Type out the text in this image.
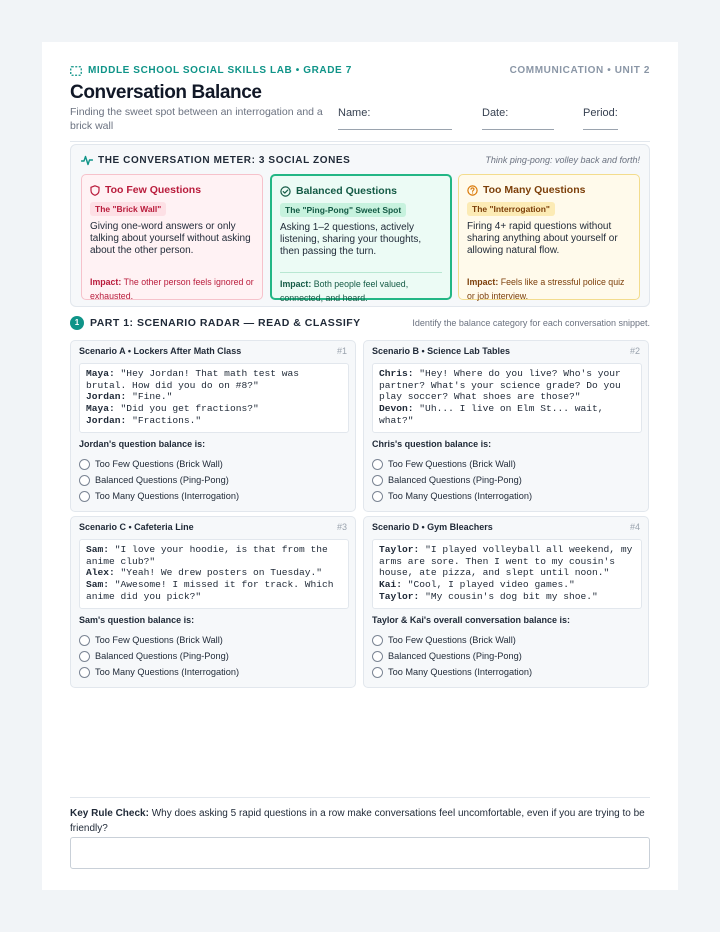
MIDDLE SCHOOL SOCIAL SKILLS LAB • GRADE 7	COMMUNICATION • UNIT 2
Conversation Balance
Finding the sweet spot between an interrogation and a brick wall
Name:	Date:	Period:
THE CONVERSATION METER: 3 SOCIAL ZONES	Think ping-pong: volley back and forth!
Too Few Questions
The "Brick Wall"
Giving one-word answers or only talking about yourself without asking about the other person.
Impact: The other person feels ignored or exhausted.
Balanced Questions
The "Ping-Pong" Sweet Spot
Asking 1–2 questions, actively listening, sharing your thoughts, then passing the turn.
Impact: Both people feel valued, connected, and heard.
Too Many Questions
The "Interrogation"
Firing 4+ rapid questions without sharing anything about yourself or allowing natural flow.
Impact: Feels like a stressful police quiz or job interview.
1	PART 1: SCENARIO RADAR — READ & CLASSIFY	Identify the balance category for each conversation snippet.
Scenario A • Lockers After Math Class	#1
Maya: "Hey Jordan! That math test was brutal. How did you do on #8?"
Jordan: "Fine."
Maya: "Did you get fractions?"
Jordan: "Fractions."
Jordan's question balance is:
Too Few Questions (Brick Wall)
Balanced Questions (Ping-Pong)
Too Many Questions (Interrogation)
Scenario B • Science Lab Tables	#2
Chris: "Hey! Where do you live? Who's your partner? What's your science grade? Do you play soccer? What shoes are those?"
Devon: "Uh... I live on Elm St... wait, what?"
Chris's question balance is:
Too Few Questions (Brick Wall)
Balanced Questions (Ping-Pong)
Too Many Questions (Interrogation)
Scenario C • Cafeteria Line	#3
Sam: "I love your hoodie, is that from the anime club?"
Alex: "Yeah! We drew posters on Tuesday."
Sam: "Awesome! I missed it for track. Which anime did you pick?"
Sam's question balance is:
Too Few Questions (Brick Wall)
Balanced Questions (Ping-Pong)
Too Many Questions (Interrogation)
Scenario D • Gym Bleachers	#4
Taylor: "I played volleyball all weekend, my arms are sore. Then I went to my cousin's house, ate pizza, and slept until noon."
Kai: "Cool, I played video games."
Taylor: "My cousin's dog bit my shoe."
Taylor & Kai's overall conversation balance is:
Too Few Questions (Brick Wall)
Balanced Questions (Ping-Pong)
Too Many Questions (Interrogation)
Key Rule Check: Why does asking 5 rapid questions in a row make conversations feel uncomfortable, even if you are trying to be friendly?
